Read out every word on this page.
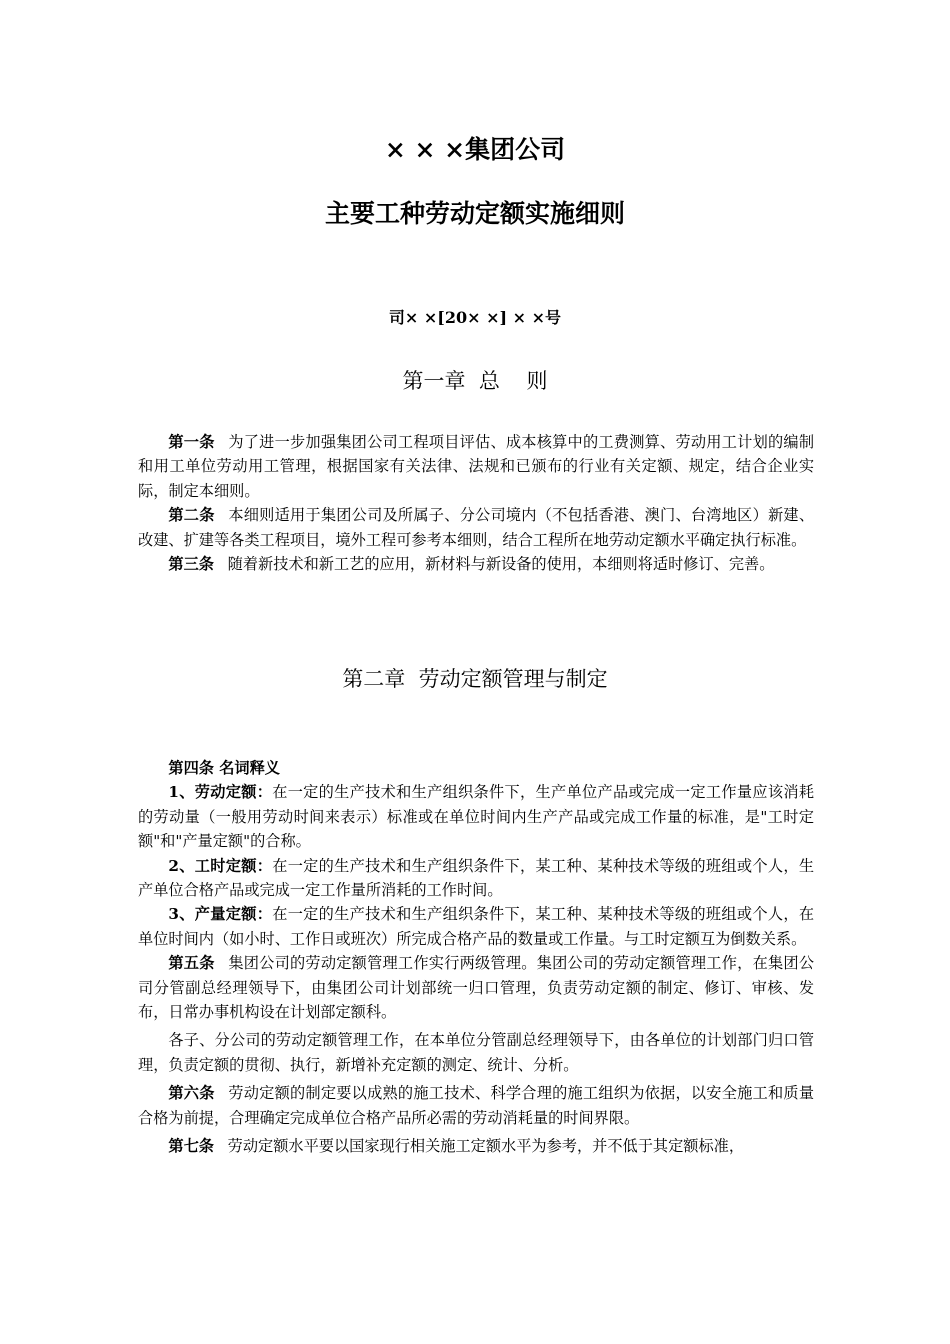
× × ×集团公司
主要工种劳动定额实施细则
司× ×[20× ×] × ×号
第一章  总    则

第一条 为了进一步加强集团公司工程项目评估、成本核算中的工费测算、劳动用工计划的编制和用工单位劳动用工管理，根据国家有关法律、法规和已颁布的行业有关定额、规定，结合企业实际，制定本细则。

第二条 本细则适用于集团公司及所属子、分公司境内（不包括香港、澳门、台湾地区）新建、改建、扩建等各类工程项目，境外工程可参考本细则，结合工程所在地劳动定额水平确定执行标准。

第三条 随着新技术和新工艺的应用，新材料与新设备的使用，本细则将适时修订、完善。

第二章  劳动定额管理与制定

第四条 名词释义

1、劳动定额：在一定的生产技术和生产组织条件下，生产单位产品或完成一定工作量应该消耗的劳动量（一般用劳动时间来表示）标准或在单位时间内生产产品或完成工作量的标准，是"工时定额"和"产量定额"的合称。

2、工时定额：在一定的生产技术和生产组织条件下，某工种、某种技术等级的班组或个人，生产单位合格产品或完成一定工作量所消耗的工作时间。

3、产量定额：在一定的生产技术和生产组织条件下，某工种、某种技术等级的班组或个人，在单位时间内（如小时、工作日或班次）所完成合格产品的数量或工作量。与工时定额互为倒数关系。

第五条 集团公司的劳动定额管理工作实行两级管理。集团公司的劳动定额管理工作，在集团公司分管副总经理领导下，由集团公司计划部统一归口管理，负责劳动定额的制定、修订、审核、发布，日常办事机构设在计划部定额科。

各子、分公司的劳动定额管理工作，在本单位分管副总经理领导下，由各单位的计划部门归口管理，负责定额的贯彻、执行，新增补充定额的测定、统计、分析。

第六条 劳动定额的制定要以成熟的施工技术、科学合理的施工组织为依据，以安全施工和质量合格为前提，合理确定完成单位合格产品所必需的劳动消耗量的时间界限。

第七条 劳动定额水平要以国家现行相关施工定额水平为参考，并不低于其定额标准，
